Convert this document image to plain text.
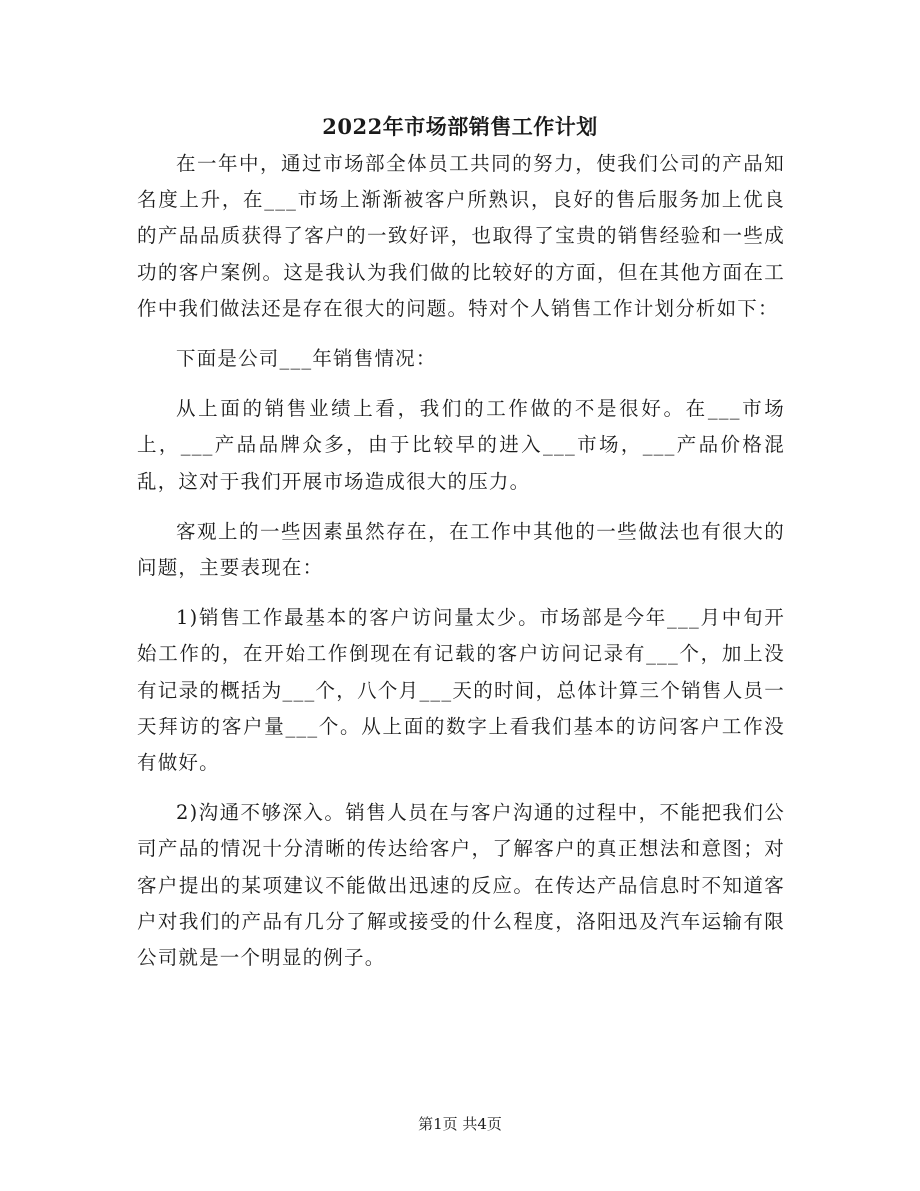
2022年市场部销售工作计划

在一年中，通过市场部全体员工共同的努力，使我们公司的产品知名度上升，在___市场上渐渐被客户所熟识，良好的售后服务加上优良的产品品质获得了客户的一致好评，也取得了宝贵的销售经验和一些成功的客户案例。这是我认为我们做的比较好的方面，但在其他方面在工作中我们做法还是存在很大的问题。特对个人销售工作计划分析如下：

下面是公司___年销售情况：

从上面的销售业绩上看，我们的工作做的不是很好。在___市场上，___产品品牌众多，由于比较早的进入___市场，___产品价格混乱，这对于我们开展市场造成很大的压力。

客观上的一些因素虽然存在，在工作中其他的一些做法也有很大的问题，主要表现在：

1)销售工作最基本的客户访问量太少。市场部是今年___月中旬开始工作的，在开始工作倒现在有记载的客户访问记录有___个，加上没有记录的概括为___个，八个月___天的时间，总体计算三个销售人员一天拜访的客户量___个。从上面的数字上看我们基本的访问客户工作没有做好。

2)沟通不够深入。销售人员在与客户沟通的过程中，不能把我们公司产品的情况十分清晰的传达给客户，了解客户的真正想法和意图；对客户提出的某项建议不能做出迅速的反应。在传达产品信息时不知道客户对我们的产品有几分了解或接受的什么程度，洛阳迅及汽车运输有限公司就是一个明显的例子。

第1页 共4页
